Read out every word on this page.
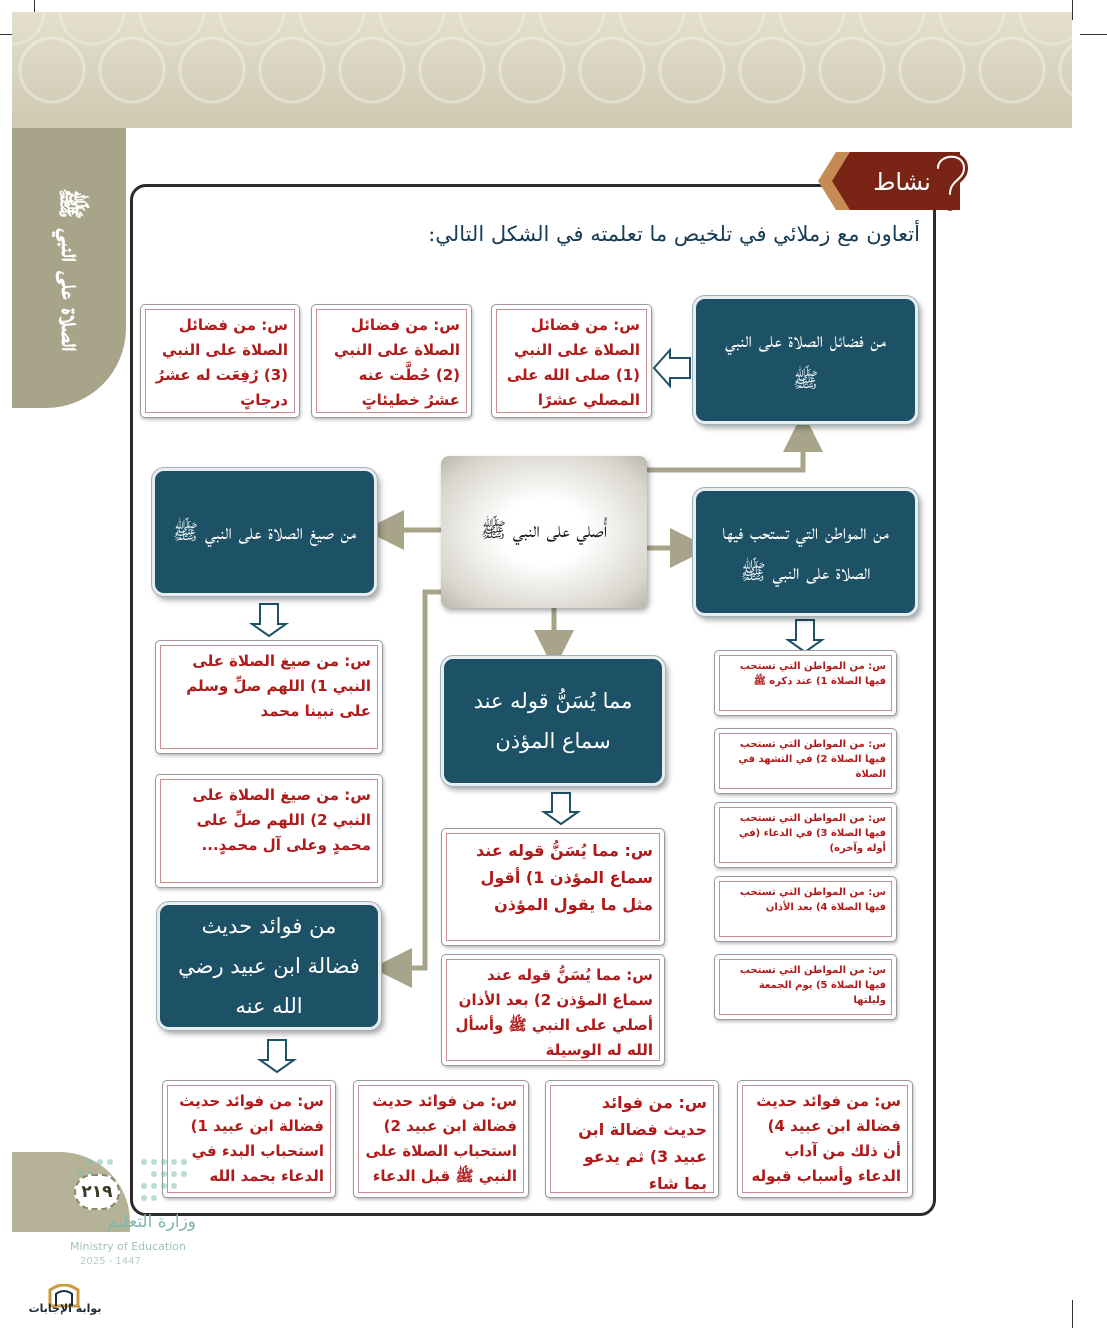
الصلاة على النبي ﷺ
نشاط
أتعاون مع زملائي في تلخيص ما تعلمته في الشكل التالي:
أُصلي على النبي ﷺ
من فضائل الصلاة على النبي ﷺ
من المواطن التي تستحب فيها الصلاة على النبي ﷺ
من صيغ الصلاة على النبي ﷺ
مما يُسَنُّ قوله عند سماع المؤذن
من فوائد حديث فضالة ابن عبيد رضي الله عنه
س: من فضائل الصلاة على النبي (1) صلى الله على المصلي عشرًا
س: من فضائل الصلاة على النبي (2) حُطَّت عنه عشرُ خطيئاتٍ
س: من فضائل الصلاة على النبي (3) رُفِعَت له عشرُ درجاتٍ
س: من المواطن التي تستحب فيها الصلاة 1) عند ذكره ﷺ
س: من المواطن التي تستحب فيها الصلاة 2) في التشهد في الصلاة
س: من المواطن التي تستحب فيها الصلاة 3) في الدعاء (في أوله وآخره)
س: من المواطن التي تستحب فيها الصلاة 4) بعد الأذان
س: من المواطن التي تستحب فيها الصلاة 5) يوم الجمعة وليلتها
س: من صيغ الصلاة على النبي 1) اللهم صلِّ وسلم على نبينا محمد
س: من صيغ الصلاة على النبي 2) اللهم صلِّ على محمدٍ وعلى آل محمدٍ...	س: مما يُسَنُّ قوله عند سماع المؤذن 1) أقول مثل ما يقول المؤذن
س: مما يُسَنُّ قوله عند سماع المؤذن 2) بعد الأذان أصلي على النبي ﷺ وأسأل الله له الوسيلة
س: من فوائد حديث فضالة ابن عبيد 1) استحباب البدء في الدعاء بحمد الله
س: من فوائد حديث فضالة ابن عبيد 2) استحباب الصلاة على النبي ﷺ قبل الدعاء
س: من فوائد حديث فضالة ابن عبيد 3) ثم يدعو بما شاء
س: من فوائد حديث فضالة ابن عبيد 4) أن ذلك من آداب الدعاء وأسباب قبوله
٢١٩
وزارة التعليم
Ministry of Education
2025 - 1447
بوابة الإجابات
